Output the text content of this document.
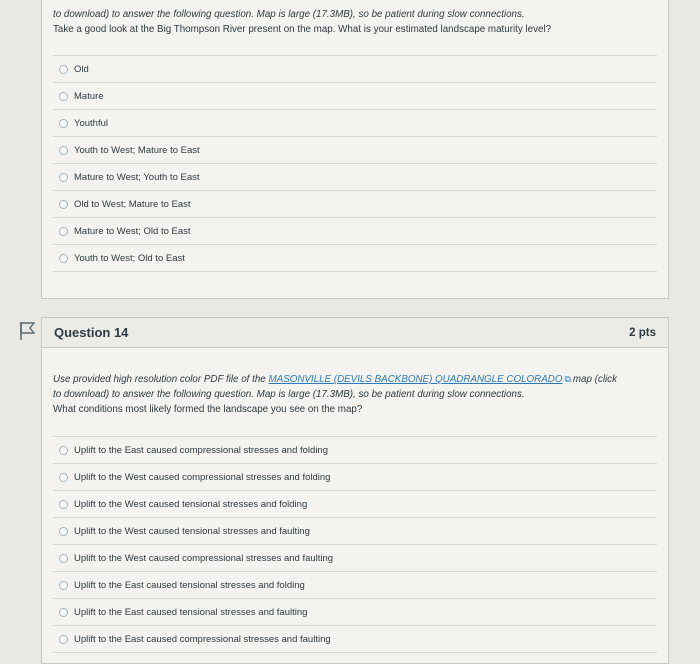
to download) to answer the following question. Map is large (17.3MB), so be patient during slow connections.
Take a good look at the Big Thompson River present on the map. What is your estimated landscape maturity level?
Old
Mature
Youthful
Youth to West; Mature to East
Mature to West; Youth to East
Old to West; Mature to East
Mature to West; Old to East
Youth to West; Old to East
Question 14	2 pts
Use provided high resolution color PDF file of the MASONVILLE (DEVILS BACKBONE) QUADRANGLE COLORADO ⧉ map (click
to download) to answer the following question. Map is large (17.3MB), so be patient during slow connections.
What conditions most likely formed the landscape you see on the map?
Uplift to the East caused compressional stresses and folding
Uplift to the West caused compressional stresses and folding
Uplift to the West caused tensional stresses and folding
Uplift to the West caused tensional stresses and faulting
Uplift to the West caused compressional stresses and faulting
Uplift to the East caused tensional stresses and folding
Uplift to the East caused tensional stresses and faulting
Uplift to the East caused compressional stresses and faulting
